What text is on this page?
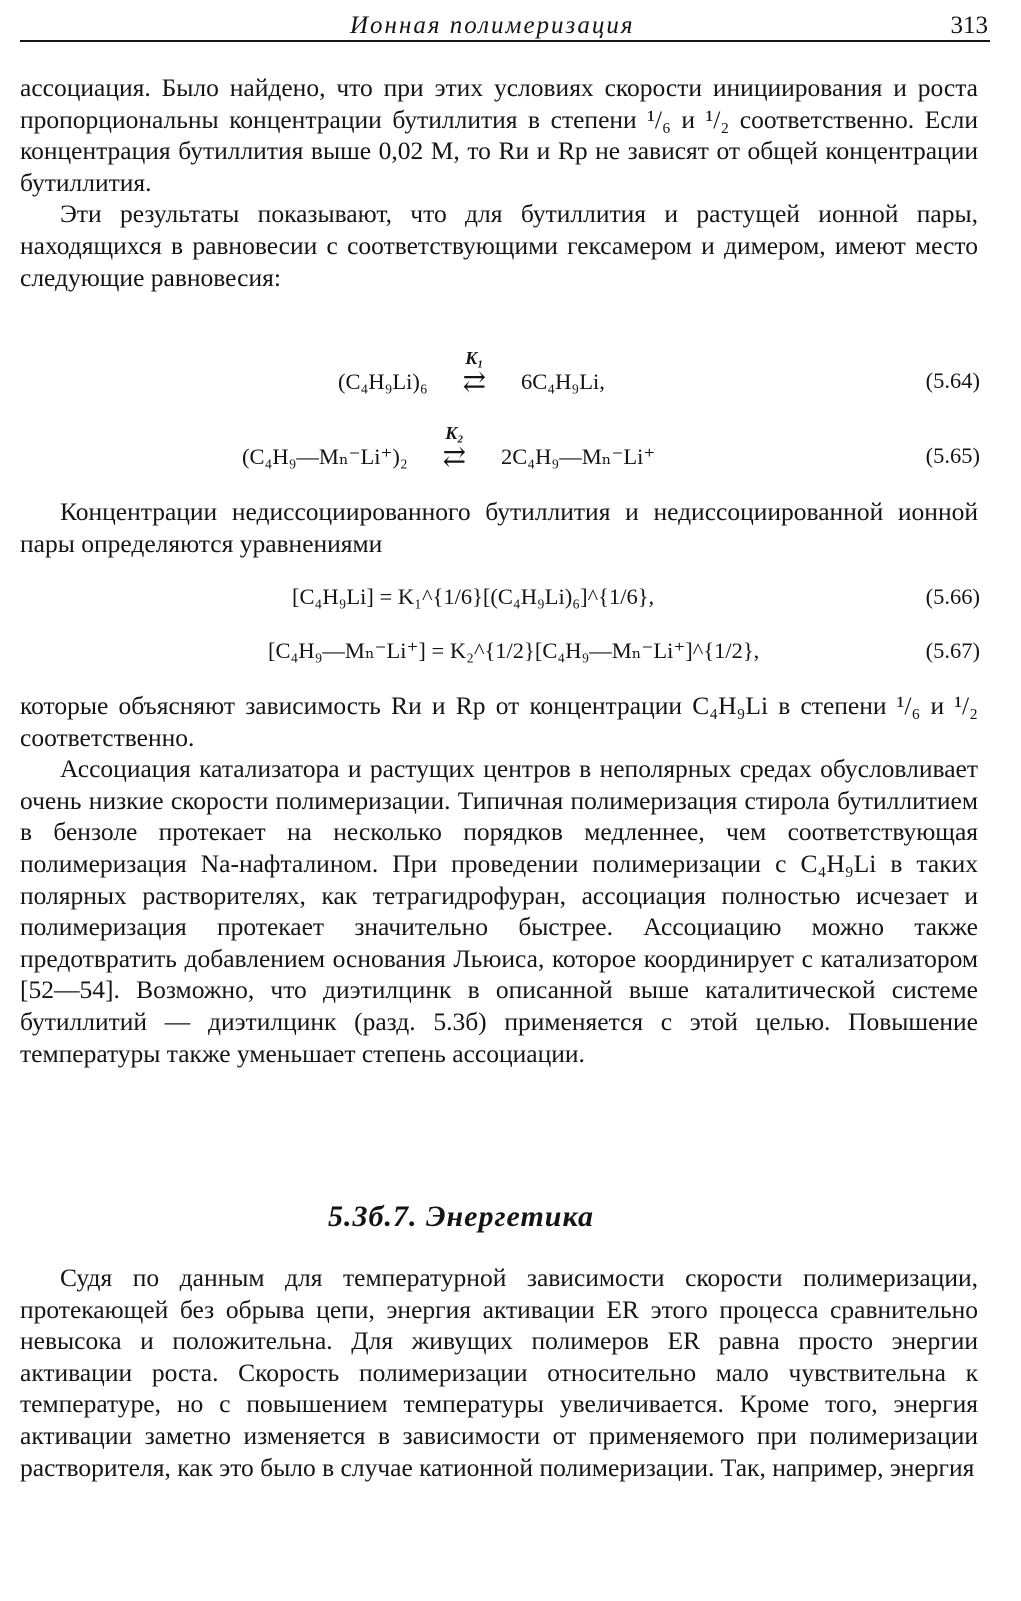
Ионная полимеризация	313

ассоциация. Было найдено, что при этих условиях скорости инициирования и роста пропорциональны концентрации бутиллития в степени ¹/₆ и ¹/₂ соответственно. Если концентрация бутиллития выше 0,02 M, то Rи и Rр не зависят от общей концентрации бутиллития.

Эти результаты показывают, что для бутиллития и растущей ионной пары, находящихся в равновесии с соответствующими гексамером и димером, имеют место следующие равновесия:

(C₄H₉Li)₆
K₁
⇄	6C₄H₉Li,	(5.64)
(C₄H₉—Mₙ⁻Li⁺)₂
K₂
⇄	2C₄H₉—Mₙ⁻Li⁺	(5.65)

Концентрации недиссоциированного бутиллития и недиссоциированной ионной пары определяются уравнениями

[C₄H₉Li] = K₁^{1/6}[(C₄H₉Li)₆]^{1/6},	(5.66)
[C₄H₉—Mₙ⁻Li⁺] = K₂^{1/2}[C₄H₉—Mₙ⁻Li⁺]^{1/2},	(5.67)

которые объясняют зависимость Rи и Rр от концентрации C₄H₉Li в степени ¹/₆ и ¹/₂ соответственно.

Ассоциация катализатора и растущих центров в неполярных средах обусловливает очень низкие скорости полимеризации. Типичная полимеризация стирола бутиллитием в бензоле протекает на несколько порядков медленнее, чем соответствующая полимеризация Na-нафталином. При проведении полимеризации с C₄H₉Li в таких полярных растворителях, как тетрагидрофуран, ассоциация полностью исчезает и полимеризация протекает значительно быстрее. Ассоциацию можно также предотвратить добавлением основания Льюиса, которое координирует с катализатором [52—54]. Возможно, что диэтилцинк в описанной выше каталитической системе бутиллитий — диэтилцинк (разд. 5.3б) применяется с этой целью. Повышение температуры также уменьшает степень ассоциации.

5.3б.7. Энергетика

Судя по данным для температурной зависимости скорости полимеризации, протекающей без обрыва цепи, энергия активации ER этого процесса сравнительно невысока и положительна. Для живущих полимеров ER равна просто энергии активации роста. Скорость полимеризации относительно мало чувствительна к температуре, но с повышением температуры увеличивается. Кроме того, энергия активации заметно изменяется в зависимости от применяемого при полимеризации растворителя, как это было в случае катионной полимеризации. Так, например, энергия
